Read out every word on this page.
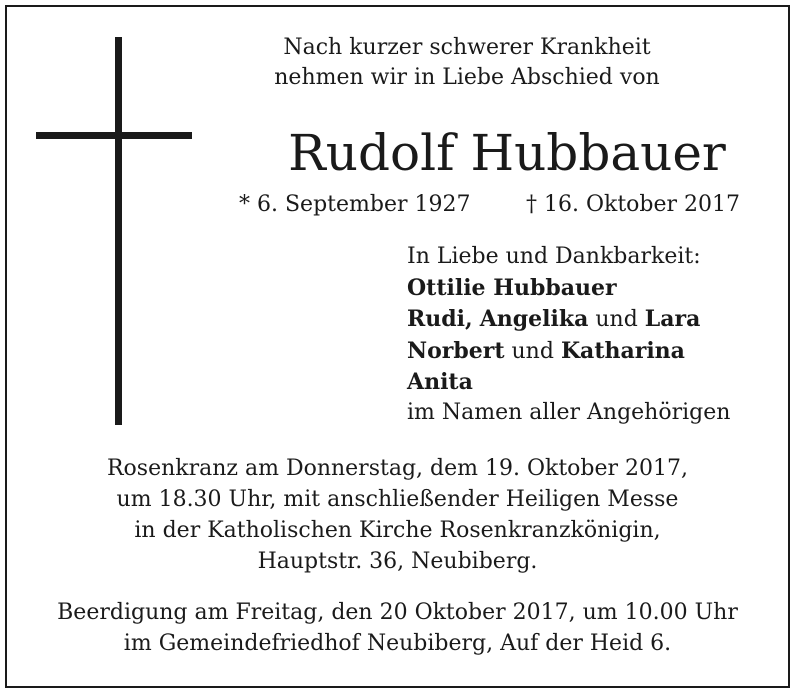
Nach kurzer schwerer Krankheit
nehmen wir in Liebe Abschied von
Rudolf Hubbauer
* 6. September 1927	† 16. Oktober 2017
In Liebe und Dankbarkeit:
Ottilie Hubbauer
Rudi, Angelika und Lara
Norbert und Katharina
Anita
im Namen aller Angehörigen
Rosenkranz am Donnerstag, dem 19. Oktober 2017,
um 18.30 Uhr, mit anschließender Heiligen Messe
in der Katholischen Kirche Rosenkranzkönigin,
Hauptstr. 36, Neubiberg.
Beerdigung am Freitag, den 20 Oktober 2017, um 10.00 Uhr
im Gemeindefriedhof Neubiberg, Auf der Heid 6.
